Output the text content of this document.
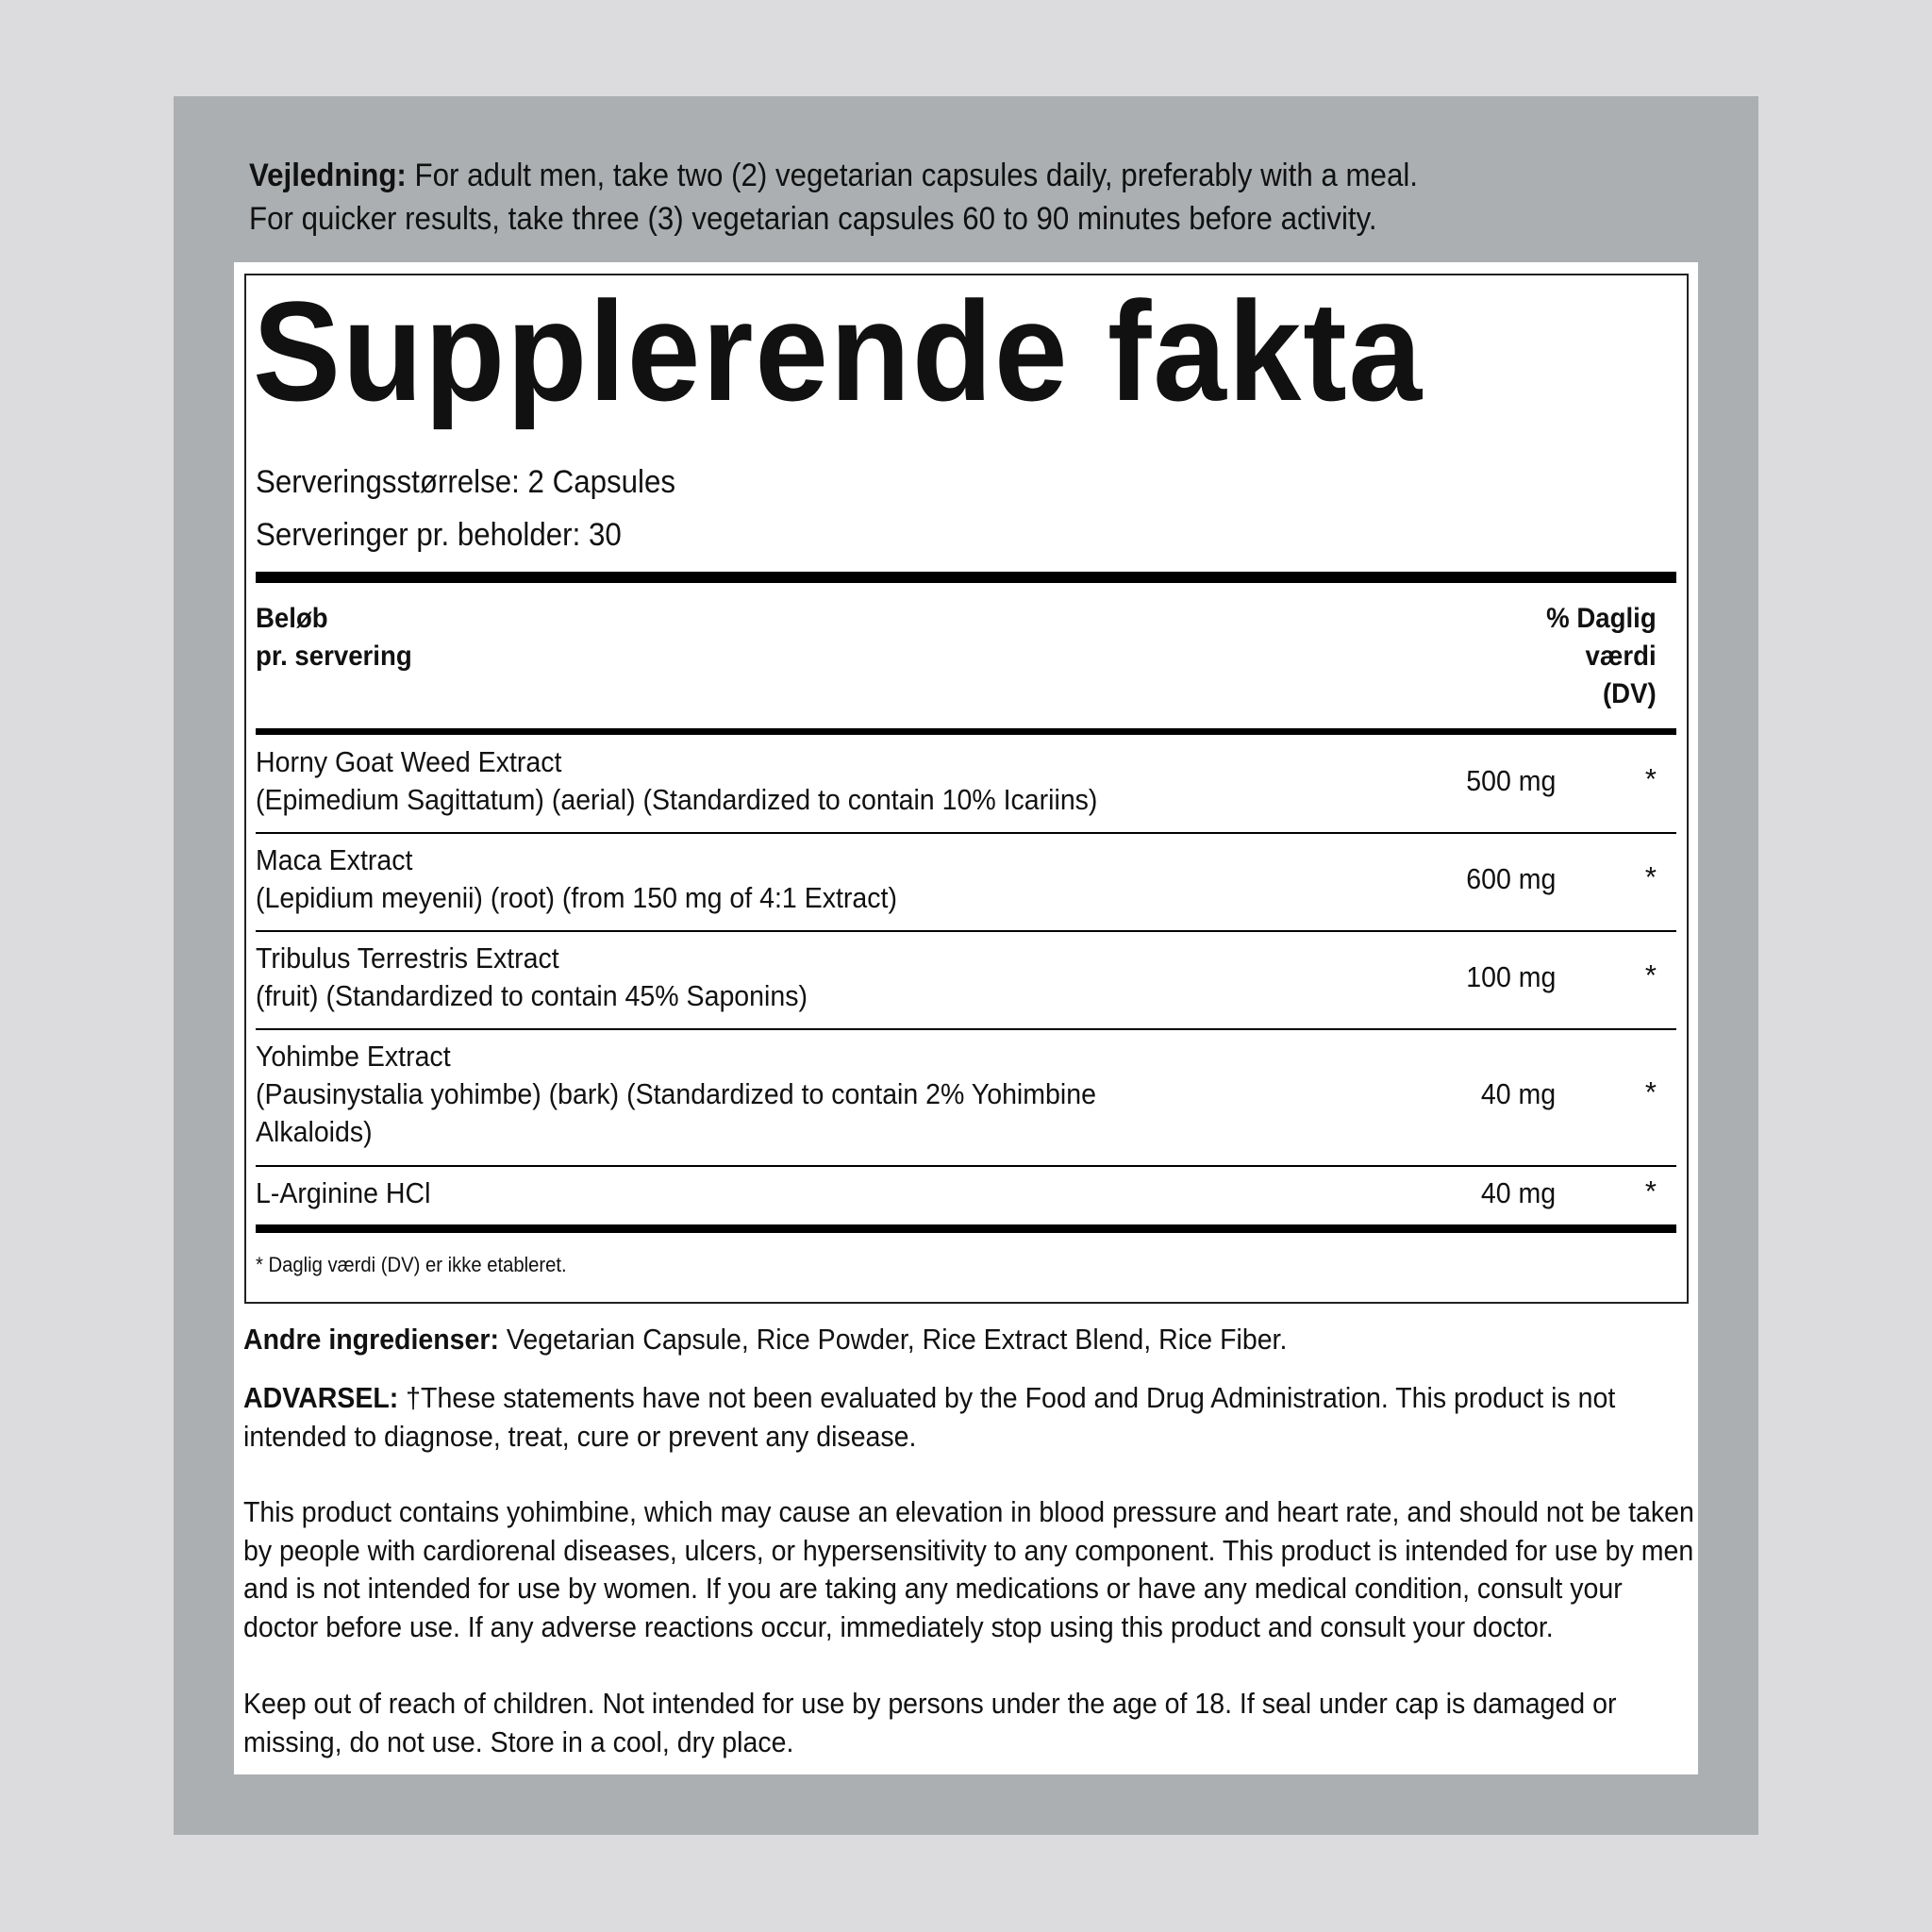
Vejledning: For adult men, take two (2) vegetarian capsules daily, preferably with a meal.
For quicker results, take three (3) vegetarian capsules 60 to 90 minutes before activity.
Supplerende fakta
Serveringsstørrelse: 2 Capsules
Serveringer pr. beholder: 30
Beløb
pr. servering
% Daglig
værdi
(DV)
Horny Goat Weed Extract
(Epimedium Sagittatum) (aerial) (Standardized to contain 10% Icariins)
500 mg	*
Maca Extract
(Lepidium meyenii) (root) (from 150 mg of 4:1 Extract)
600 mg	*
Tribulus Terrestris Extract
(fruit) (Standardized to contain 45% Saponins)
100 mg	*
Yohimbe Extract
(Pausinystalia yohimbe) (bark) (Standardized to contain 2% Yohimbine
Alkaloids)
40 mg	*
L-Arginine HCl	40 mg	*
* Daglig værdi (DV) er ikke etableret.
Andre ingredienser: Vegetarian Capsule, Rice Powder, Rice Extract Blend, Rice Fiber.
ADVARSEL: †These statements have not been evaluated by the Food and Drug Administration. This product is not intended to diagnose, treat, cure or prevent any disease.
This product contains yohimbine, which may cause an elevation in blood pressure and heart rate, and should not be taken by people with cardiorenal diseases, ulcers, or hypersensitivity to any component. This product is intended for use by men and is not intended for use by women. If you are taking any medications or have any medical condition, consult your doctor before use. If any adverse reactions occur, immediately stop using this product and consult your doctor.
Keep out of reach of children. Not intended for use by persons under the age of 18. If seal under cap is damaged or missing, do not use. Store in a cool, dry place.
